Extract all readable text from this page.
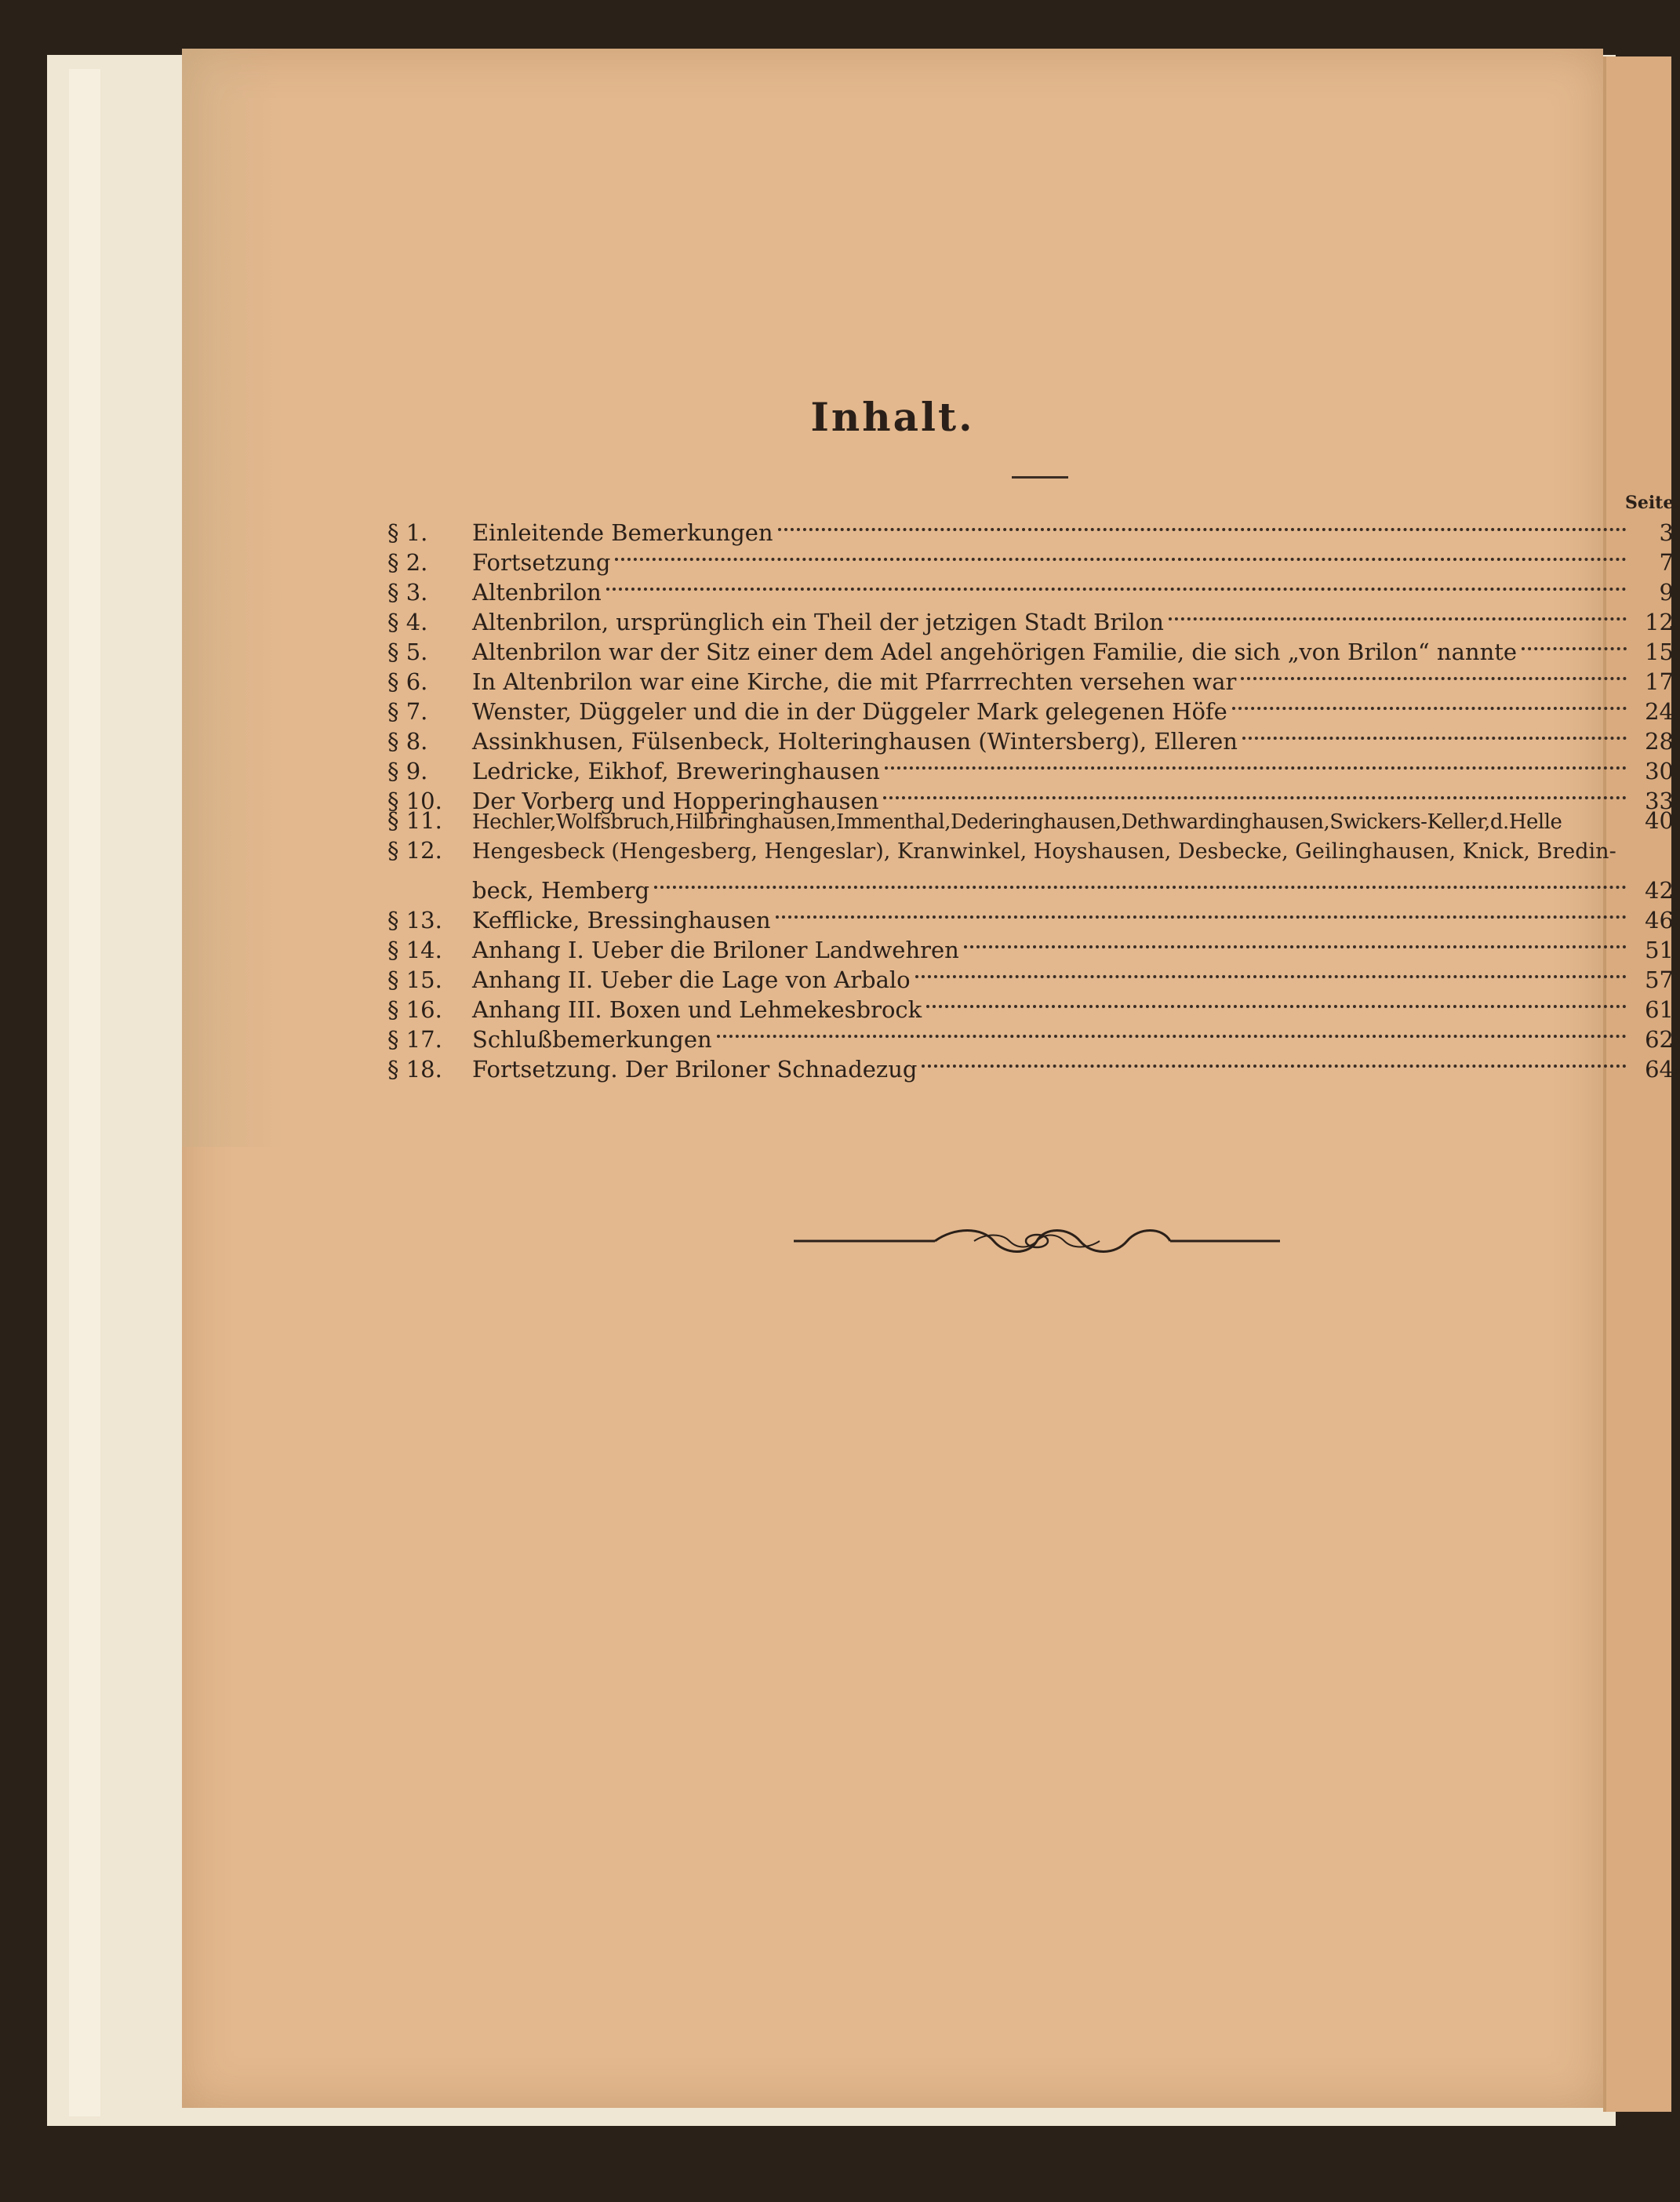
Inhalt.
Seite.
§ 1.	Einleitende Bemerkungen	3
§ 2.	Fortsetzung	7
§ 3.	Altenbrilon	9
§ 4.	Altenbrilon, ursprünglich ein Theil der jetzigen Stadt Brilon	12
§ 5.	Altenbrilon war der Sitz einer dem Adel angehörigen Familie, die sich „von Brilon“ nannte	15
§ 6.	In Altenbrilon war eine Kirche, die mit Pfarrrechten versehen war	17
§ 7.	Wenster, Düggeler und die in der Düggeler Mark gelegenen Höfe	24
§ 8.	Assinkhusen, Fülsenbeck, Holteringhausen (Wintersberg), Elleren	28
§ 9.	Ledricke, Eikhof, Breweringhausen	30
§ 10.	Der Vorberg und Hopperinghausen	33
§ 11.	Hechler,Wolfsbruch,Hilbringhausen,Immenthal,Dederinghausen,Dethwardinghausen,Swickers-Keller,d.Helle	40
§ 12.	Hengesbeck (Hengesberg, Hengeslar), Kranwinkel, Hoyshausen, Desbecke, Geilinghausen, Knick, Bredin-
beck, Hemberg	42
§ 13.	Kefflicke, Bressinghausen	46
§ 14.	Anhang I. Ueber die Briloner Landwehren	51
§ 15.	Anhang II. Ueber die Lage von Arbalo	57
§ 16.	Anhang III. Boxen und Lehmekesbrock	61
§ 17.	Schlußbemerkungen	62
§ 18.	Fortsetzung. Der Briloner Schnadezug	64
